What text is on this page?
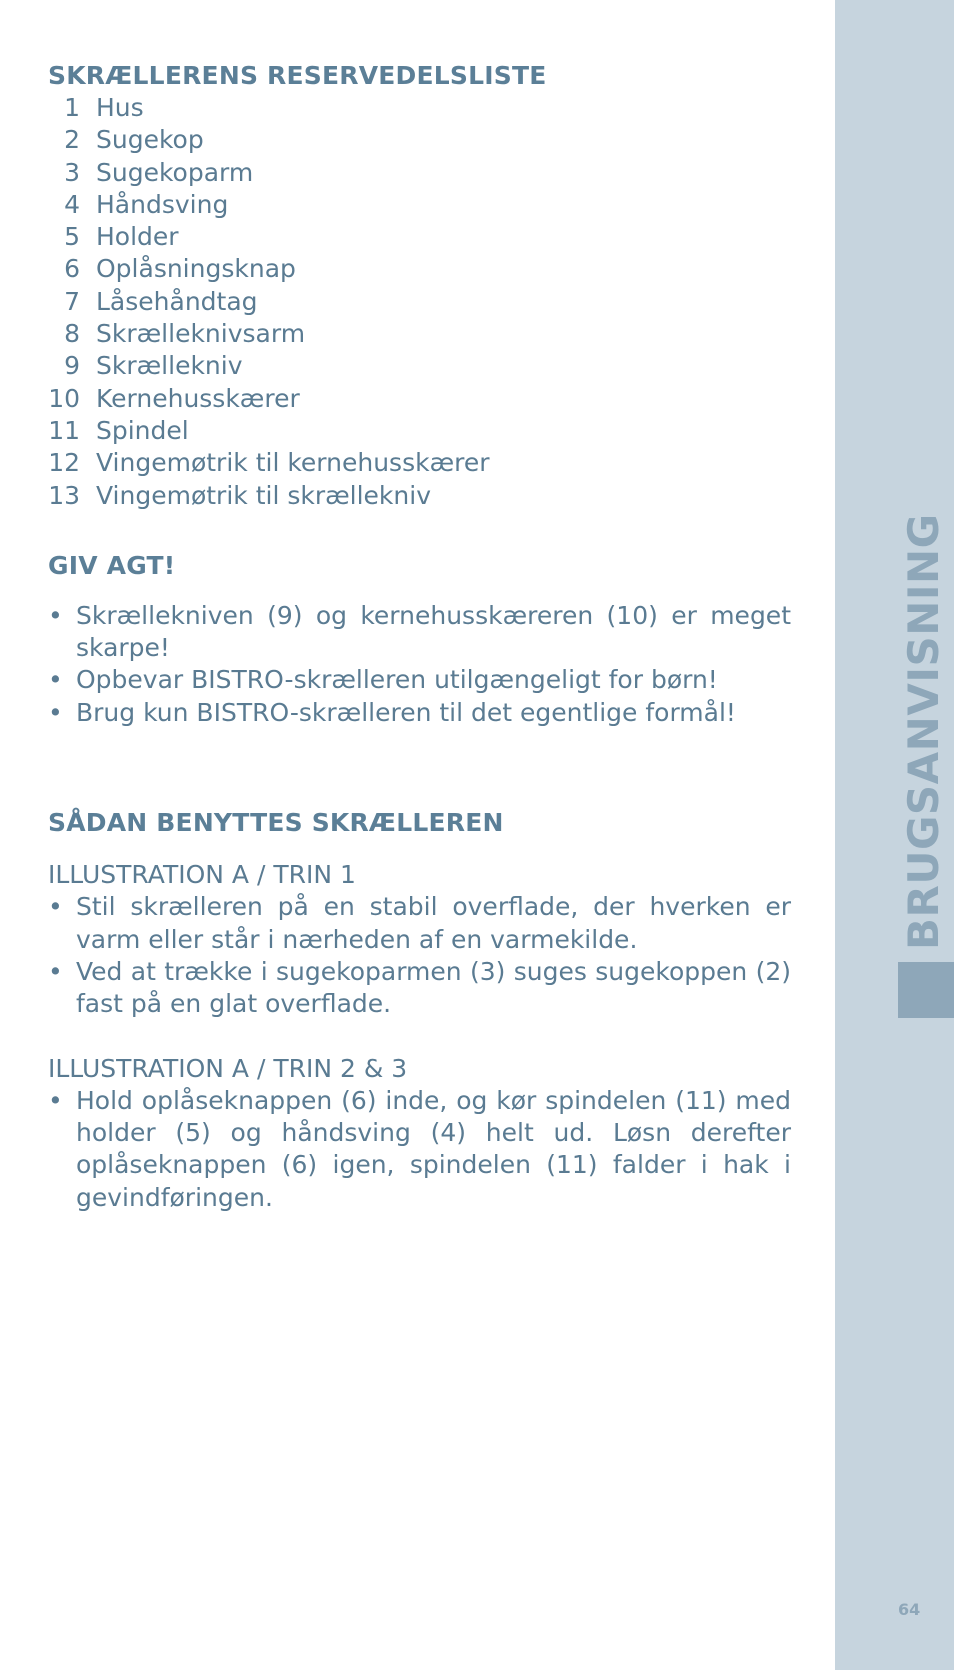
SKRÆLLERENS RESERVEDELSLISTE
1 Hus
2 Sugekop
3 Sugekoparm
4 Håndsving
5 Holder
6 Oplåsningsknap
7 Låsehåndtag
8 Skrælleknivsarm
9 Skrællekniv
10 Kernehusskærer
11 Spindel
12 Vingemøtrik til kernehusskærer
13 Vingemøtrik til skrællekniv
GIV AGT!
• Skrællekniven (9) og kernehusskæreren (10) er meget skarpe!
• Opbevar BISTRO-skrælleren utilgængeligt for børn!
• Brug kun BISTRO-skrælleren til det egentlige formål!
SÅDAN BENYTTES SKRÆLLEREN

ILLUSTRATION A / TRIN 1

• Stil skrælleren på en stabil overflade, der hverken er varm eller står i nærheden af en varmekilde.
• Ved at trække i sugekoparmen (3) suges sugekoppen (2) fast på en glat overflade.

ILLUSTRATION A / TRIN 2 & 3

• Hold oplåseknappen (6) inde, og kør spindelen (11) med holder (5) og håndsving (4) helt ud. Løsn derefter oplåseknappen (6) igen, spindelen (11) falder i hak i gevindføringen.
BRUGSANVISNING
64
